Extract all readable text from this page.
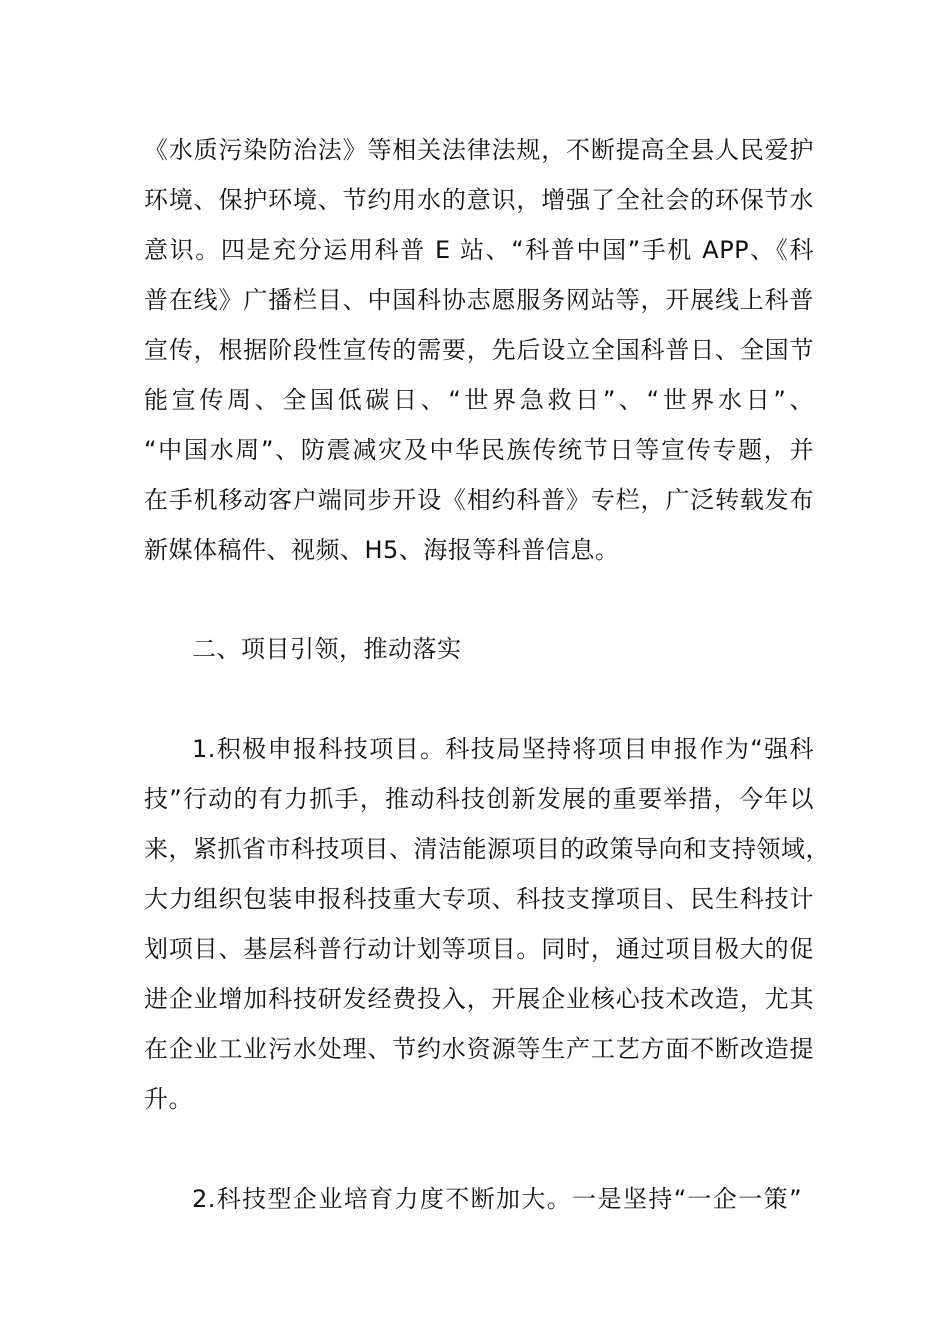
《水质污染防治法》等相关法律法规，不断提高全县人民爱护
环境、保护环境、节约用水的意识，增强了全社会的环保节水
意识。四是充分运用科普 E 站、“科普中国”手机 APP、《科
普在线》广播栏目、中国科协志愿服务网站等，开展线上科普
宣传，根据阶段性宣传的需要，先后设立全国科普日、全国节
能宣传周、全国低碳日、“世界急救日”、“世界水日”、
“中国水周”、防震减灾及中华民族传统节日等宣传专题，并
在手机移动客户端同步开设《相约科普》专栏，广泛转载发布
新媒体稿件、视频、H5、海报等科普信息。
二、项目引领，推动落实
1.积极申报科技项目。科技局坚持将项目申报作为“强科
技”行动的有力抓手，推动科技创新发展的重要举措，今年以
来，紧抓省市科技项目、清洁能源项目的政策导向和支持领域，
大力组织包装申报科技重大专项、科技支撑项目、民生科技计
划项目、基层科普行动计划等项目。同时，通过项目极大的促
进企业增加科技研发经费投入，开展企业核心技术改造，尤其
在企业工业污水处理、节约水资源等生产工艺方面不断改造提
升。
2.科技型企业培育力度不断加大。一是坚持“一企一策”
